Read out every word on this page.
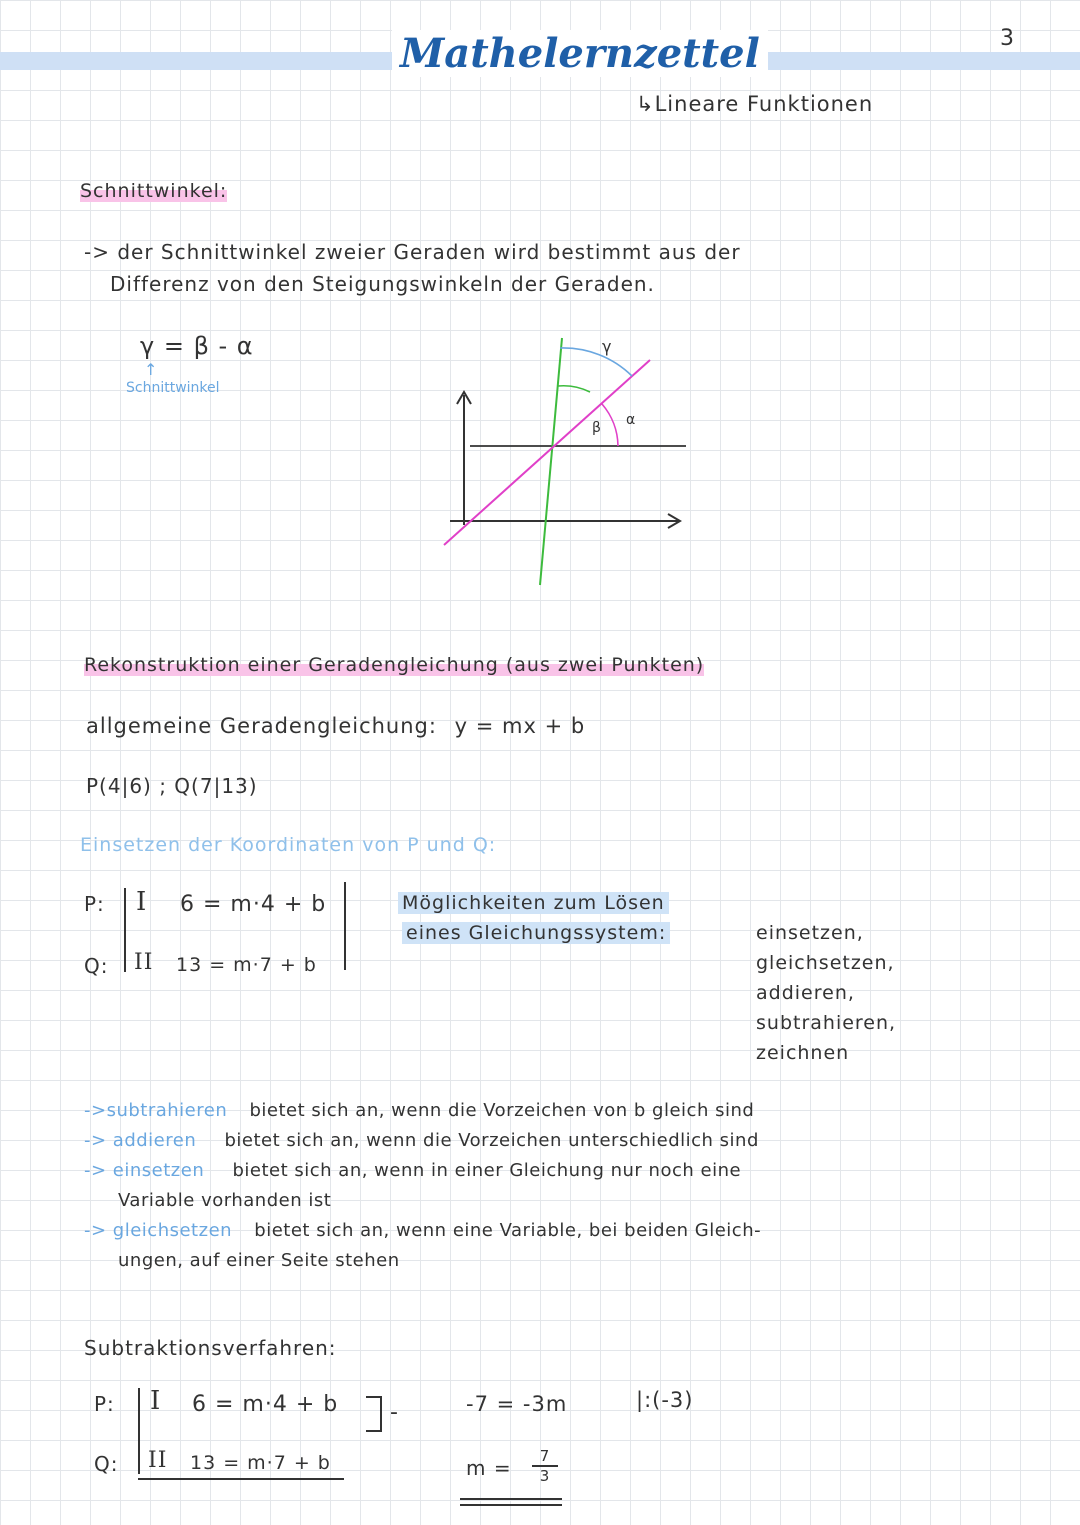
Mathelernzettel	3
↳Lineare Funktionen
Schnittwinkel:
-> der Schnittwinkel zweier Geraden wird bestimmt aus der
Differenz von den Steigungswinkeln der Geraden.
γ = β - α
↑
Schnittwinkel
γ
β α
Rekonstruktion einer Geradengleichung (aus zwei Punkten)
allgemeine Geradengleichung: y = mx + b
P(4|6) ; Q(7|13)
Einsetzen der Koordinaten von P und Q:
P:
Q:
I 6 = m·4 + b
II 13 = m·7 + b
Möglichkeiten zum Lösen
eines Gleichungssystem:	einsetzen,
gleichsetzen,
addieren,
subtrahieren,
zeichnen
->subtrahieren bietet sich an, wenn die Vorzeichen von b gleich sind
-> addieren bietet sich an, wenn die Vorzeichen unterschiedlich sind
-> einsetzen bietet sich an, wenn in einer Gleichung nur noch eine
Variable vorhanden ist
-> gleichsetzen bietet sich an, wenn eine Variable, bei beiden Gleich-
ungen, auf einer Seite stehen
Subtraktionsverfahren:
P:
Q:
I 6 = m·4 + b
II 13 = m·7 + b
-	-7 = -3m	|:(-3)
m =	7
3
